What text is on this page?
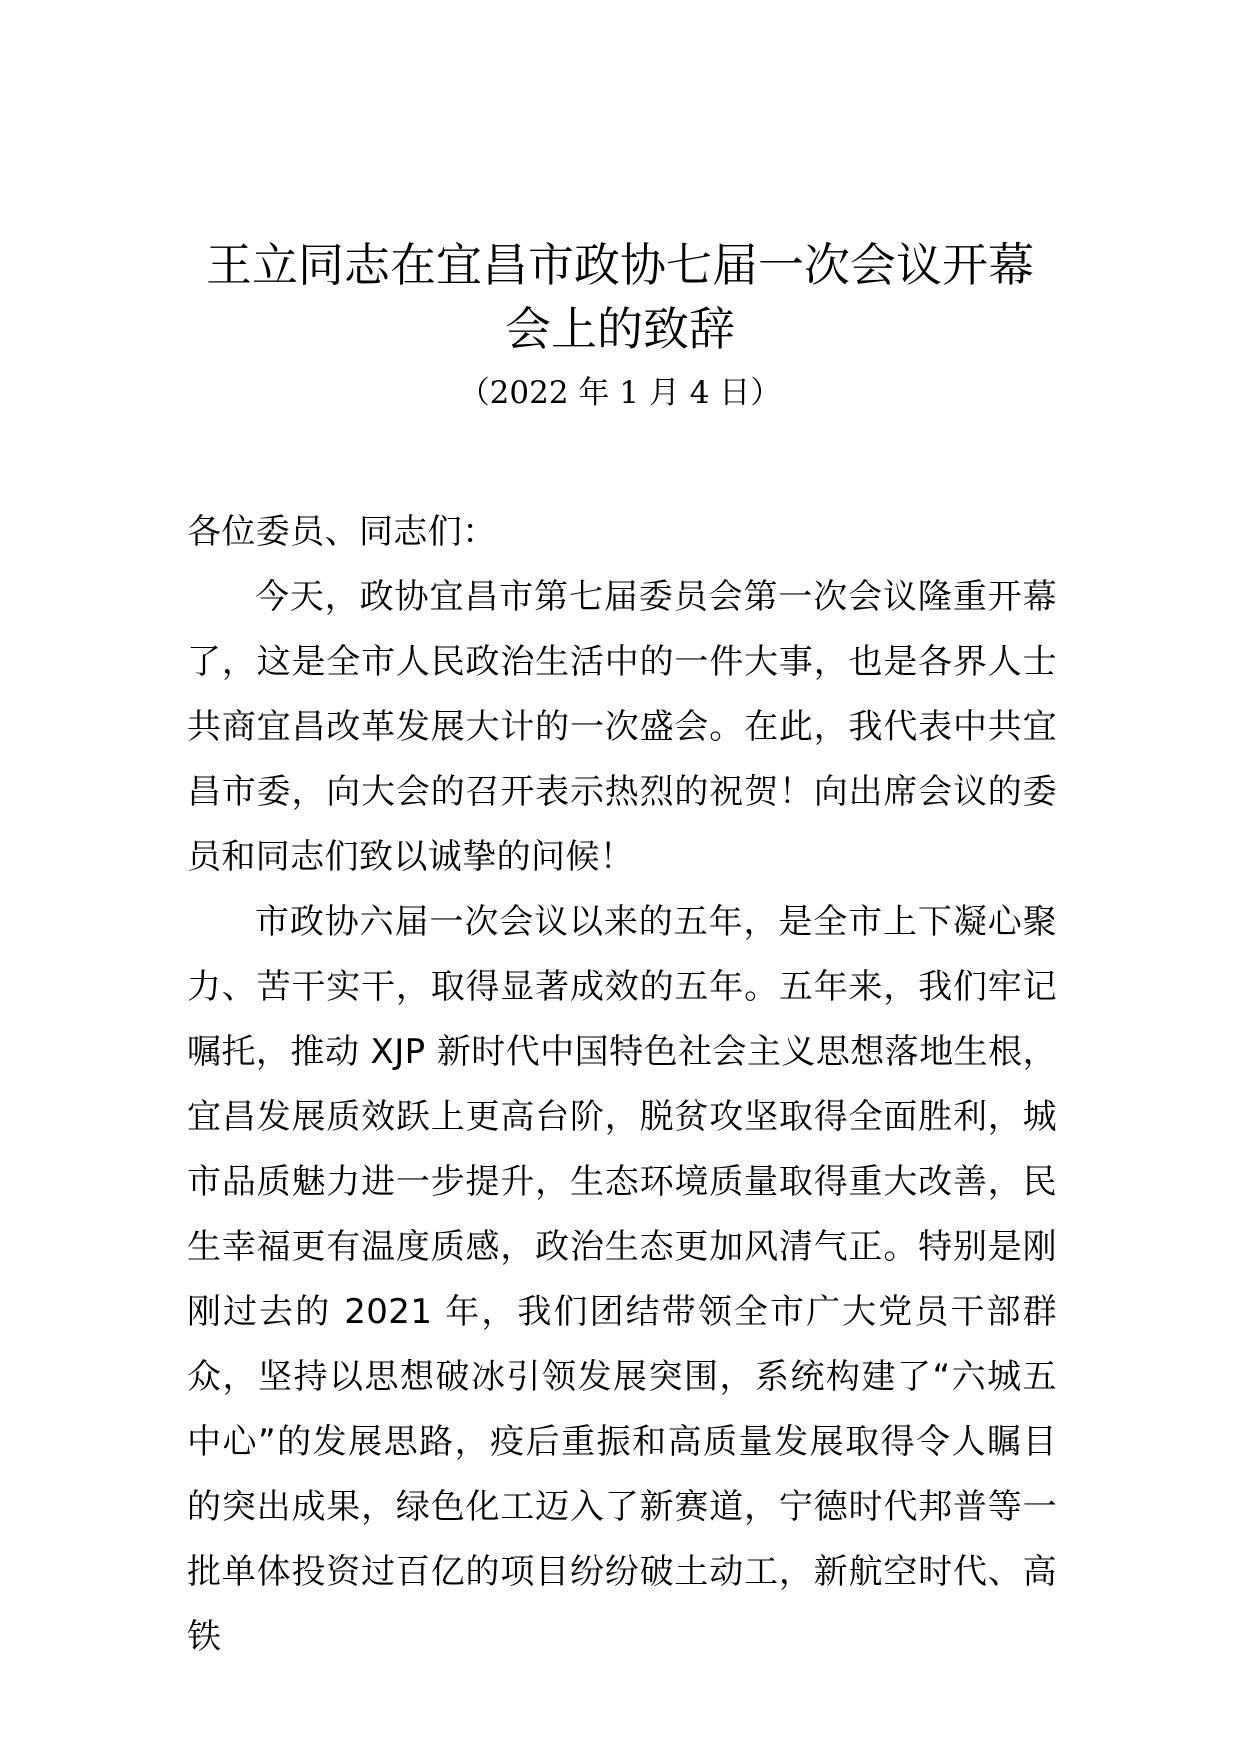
王立同志在宜昌市政协七届一次会议开幕
会上的致辞
（2022 年 1 月 4 日）

各位委员、同志们：

今天，政协宜昌市第七届委员会第一次会议隆重开幕了，这是全市人民政治生活中的一件大事，也是各界人士共商宜昌改革发展大计的一次盛会。在此，我代表中共宜昌市委，向大会的召开表示热烈的祝贺！向出席会议的委员和同志们致以诚挚的问候！

市政协六届一次会议以来的五年，是全市上下凝心聚力、苦干实干，取得显著成效的五年。五年来，我们牢记嘱托，推动 XJP 新时代中国特色社会主义思想落地生根，宜昌发展质效跃上更高台阶，脱贫攻坚取得全面胜利，城市品质魅力进一步提升，生态环境质量取得重大改善，民生幸福更有温度质感，政治生态更加风清气正。特别是刚刚过去的 2021 年，我们团结带领全市广大党员干部群众，坚持以思想破冰引领发展突围，系统构建了“六城五中心”的发展思路，疫后重振和高质量发展取得令人瞩目的突出成果，绿色化工迈入了新赛道，宁德时代邦普等一批单体投资过百亿的项目纷纷破土动工，新航空时代、高铁
